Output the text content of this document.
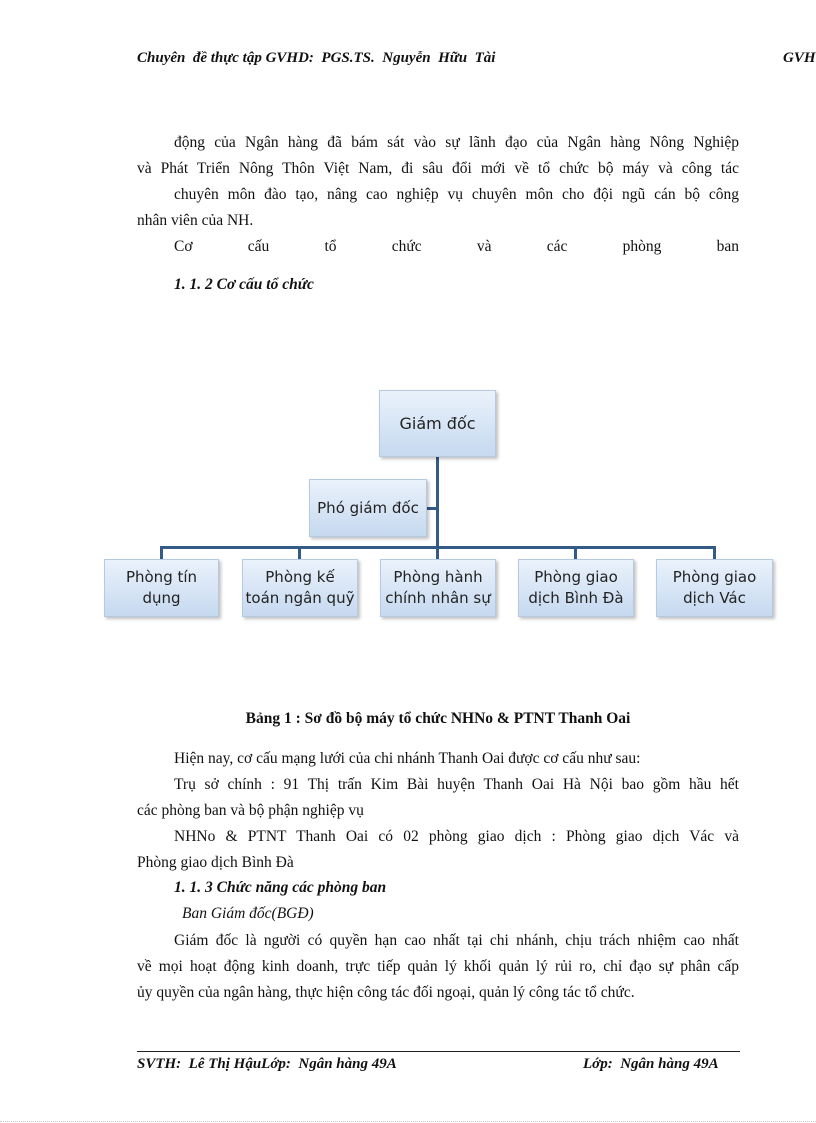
Chuyên  đề thực tập GVHD:  PGS.TS.  Nguyễn  Hữu  Tài	GVH
động của Ngân hàng đã bám sát vào sự lãnh đạo của Ngân hàng Nông Nghiệp
và Phát Triển Nông Thôn Việt Nam, đi sâu đổi mới về tổ chức bộ máy và công tác
chuyên môn đào tạo, nâng cao nghiệp vụ chuyên môn cho đội ngũ cán bộ công
nhân viên của NH.
Cơ	cấu	tổ	chức	và	các	phòng	ban
1. 1. 2 Cơ cấu tổ chức
Giám đốc
Phó giám đốc
Phòng tín
dụng
Phòng kế
toán ngân quỹ
Phòng hành
chính nhân sự
Phòng giao
dịch Bình Đà
Phòng giao
dịch Vác
Bảng 1 : Sơ đồ bộ máy tổ chức NHNo & PTNT Thanh Oai
Hiện nay, cơ cấu mạng lưới của chi nhánh Thanh Oai được cơ cấu như sau:
Trụ sở chính : 91 Thị trấn Kim Bài huyện Thanh Oai Hà Nội bao gồm hầu hết
các phòng ban và bộ phận nghiệp vụ
NHNo & PTNT Thanh Oai có 02 phòng giao dịch : Phòng giao dịch Vác và
Phòng giao dịch Bình Đà
1. 1. 3 Chức năng các phòng ban
Ban Giám đốc(BGĐ)
Giám đốc là người có quyền hạn cao nhất tại chi nhánh, chịu trách nhiệm cao nhất
về mọi hoạt động kinh doanh, trực tiếp quản lý khối quản lý rủi ro, chỉ đạo sự phân cấp
ủy quyền của ngân hàng, thực hiện công tác đối ngoại, quản lý công tác tổ chức.
SVTH:  Lê Thị HậuLớp:  Ngân hàng 49A	Lớp:  Ngân hàng 49A
